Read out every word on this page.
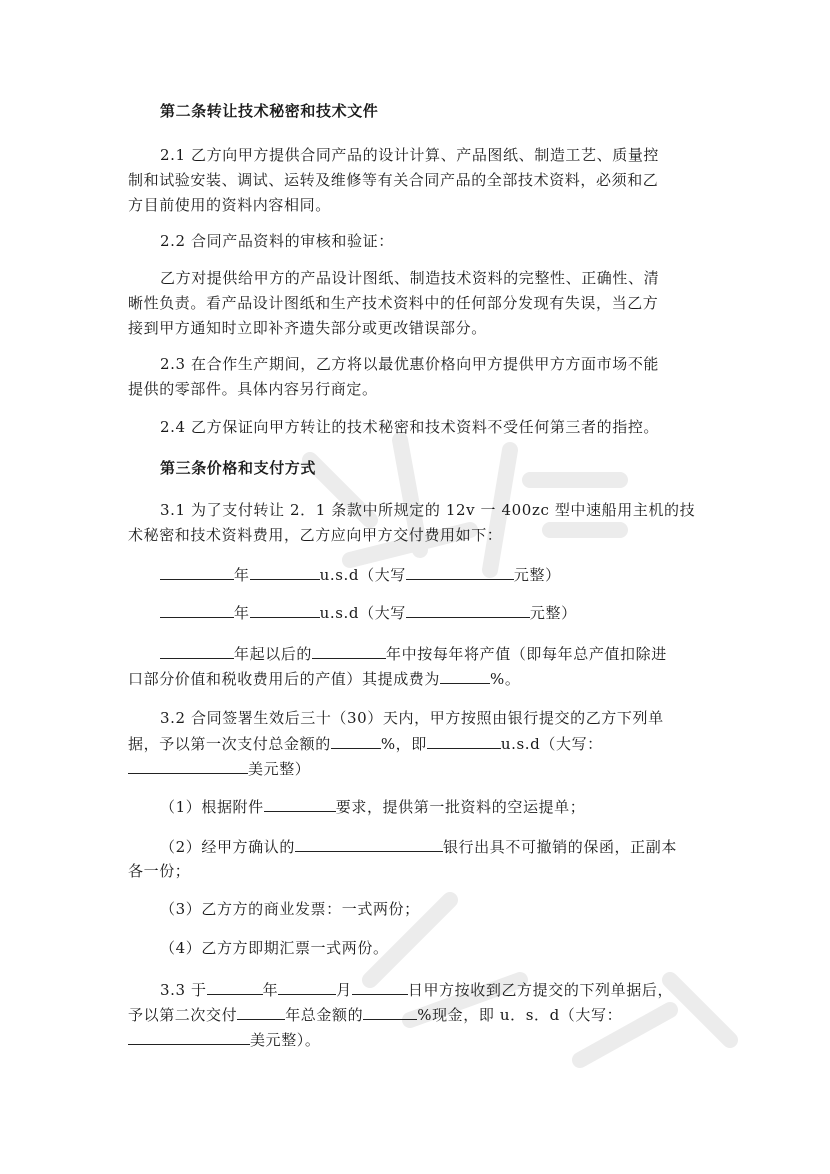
第二条转让技术秘密和技术文件
2.1 乙方向甲方提供合同产品的设计计算、产品图纸、制造工艺、质量控
制和试验安装、调试、运转及维修等有关合同产品的全部技术资料，必须和乙
方目前使用的资料内容相同。
2.2 合同产品资料的审核和验证：
乙方对提供给甲方的产品设计图纸、制造技术资料的完整性、正确性、清
晰性负责。看产品设计图纸和生产技术资料中的任何部分发现有失误，当乙方
接到甲方通知时立即补齐遗失部分或更改错误部分。
2.3 在合作生产期间，乙方将以最优惠价格向甲方提供甲方方面市场不能
提供的零部件。具体内容另行商定。
2.4 乙方保证向甲方转让的技术秘密和技术资料不受任何第三者的指控。
第三条价格和支付方式
3.1 为了支付转让 2．1 条款中所规定的 12v 一 400zc 型中速船用主机的技
术秘密和技术资料费用，乙方应向甲方交付费用如下：
年	u.s.d（大写	元整）
年	u.s.d（大写	元整）
年起以后的	年中按每年将产值（即每年总产值扣除进
口部分价值和税收费用后的产值）其提成费为	%。
3.2 合同签署生效后三十（30）天内，甲方按照由银行提交的乙方下列单
据，予以第一次支付总金额的	%，即	u.s.d（大写：
美元整）
（1）根据附件	要求，提供第一批资料的空运提单；
（2）经甲方确认的	银行出具不可撤销的保函，正副本
各一份；
（3）乙方方的商业发票：一式两份；
（4）乙方方即期汇票一式两份。
3.3 于	年	月	日甲方按收到乙方提交的下列单据后，
予以第二次交付	年总金额的	%现金，即 u．s．d（大写：
美元整）。
